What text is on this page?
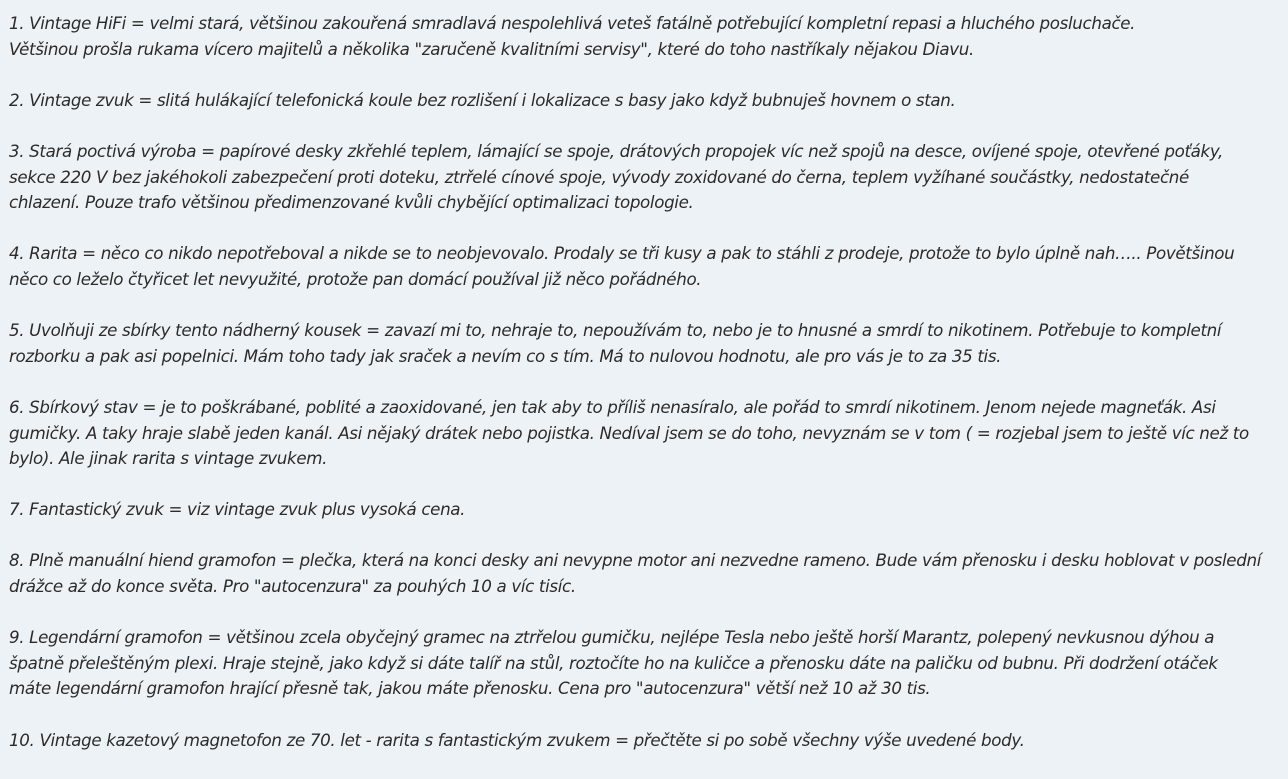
1. Vintage HiFi = velmi stará, většinou zakouřená smradlavá nespolehlivá veteš fatálně potřebující kompletní repasi a hluchého posluchače.
Většinou prošla rukama vícero majitelů a několika "zaručeně kvalitními servisy", které do toho nastříkaly nějakou Diavu.

2. Vintage zvuk = slitá hulákající telefonická koule bez rozlišení i lokalizace s basy jako když bubnuješ hovnem o stan.

3. Stará poctivá výroba = papírové desky zkřehlé teplem, lámající se spoje, drátových propojek víc než spojů na desce, ovíjené spoje, otevřené poťáky,
sekce 220 V bez jakéhokoli zabezpečení proti doteku, ztrřelé cínové spoje, vývody zoxidované do černa, teplem vyžíhané součástky, nedostatečné
chlazení. Pouze trafo většinou předimenzované kvůli chybějící optimalizaci topologie.

4. Rarita = něco co nikdo nepotřeboval a nikde se to neobjevovalo. Prodaly se tři kusy a pak to stáhli z prodeje, protože to bylo úplně nah….. Povětšinou
něco co leželo čtyřicet let nevyužité, protože pan domácí používal již něco pořádného.

5. Uvolňuji ze sbírky tento nádherný kousek = zavazí mi to, nehraje to, nepoužívám to, nebo je to hnusné a smrdí to nikotinem. Potřebuje to kompletní
rozborku a pak asi popelnici. Mám toho tady jak sraček a nevím co s tím. Má to nulovou hodnotu, ale pro vás je to za 35 tis.

6. Sbírkový stav = je to poškrábané, poblité a zaoxidované, jen tak aby to příliš nenasíralo, ale pořád to smrdí nikotinem. Jenom nejede magneťák. Asi
gumičky. A taky hraje slabě jeden kanál. Asi nějaký drátek nebo pojistka. Nedíval jsem se do toho, nevyznám se v tom ( = rozjebal jsem to ještě víc než to
bylo). Ale jinak rarita s vintage zvukem.

7. Fantastický zvuk = viz vintage zvuk plus vysoká cena.

8. Plně manuální hiend gramofon = plečka, která na konci desky ani nevypne motor ani nezvedne rameno. Bude vám přenosku i desku hoblovat v poslední
drážce až do konce světa. Pro "autocenzura" za pouhých 10 a víc tisíc.

9. Legendární gramofon = většinou zcela obyčejný gramec na ztrřelou gumičku, nejlépe Tesla nebo ještě horší Marantz, polepený nevkusnou dýhou a
špatně přeleštěným plexi. Hraje stejně, jako když si dáte talíř na stůl, roztočíte ho na kuličce a přenosku dáte na paličku od bubnu. Při dodržení otáček
máte legendární gramofon hrající přesně tak, jakou máte přenosku. Cena pro "autocenzura" větší než 10 až 30 tis.

10. Vintage kazetový magnetofon ze 70. let - rarita s fantastickým zvukem = přečtěte si po sobě všechny výše uvedené body.
